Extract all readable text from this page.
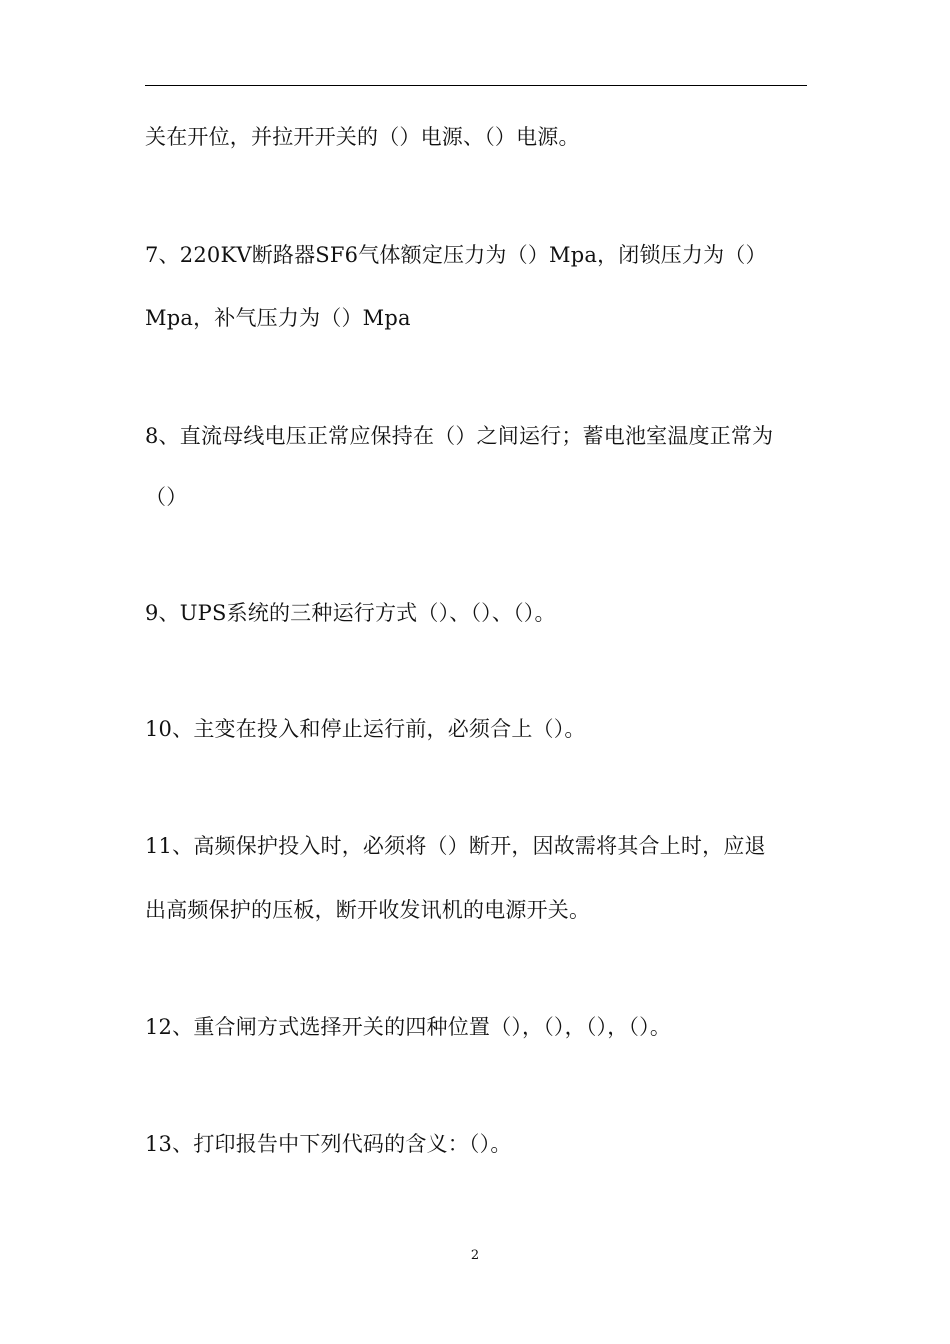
关在开位，并拉开开关的（）电源、（）电源。
7、220KV断路器SF6气体额定压力为（）Mpa，闭锁压力为（）
Mpa，补气压力为（）Mpa
8、直流母线电压正常应保持在（）之间运行；蓄电池室温度正常为
（）
9、UPS系统的三种运行方式（）、（）、（）。
10、主变在投入和停止运行前，必须合上（）。
11、高频保护投入时，必须将（）断开，因故需将其合上时，应退
出高频保护的压板，断开收发讯机的电源开关。
12、重合闸方式选择开关的四种位置（），（），（），（）。
13、打印报告中下列代码的含义：（）。
2
